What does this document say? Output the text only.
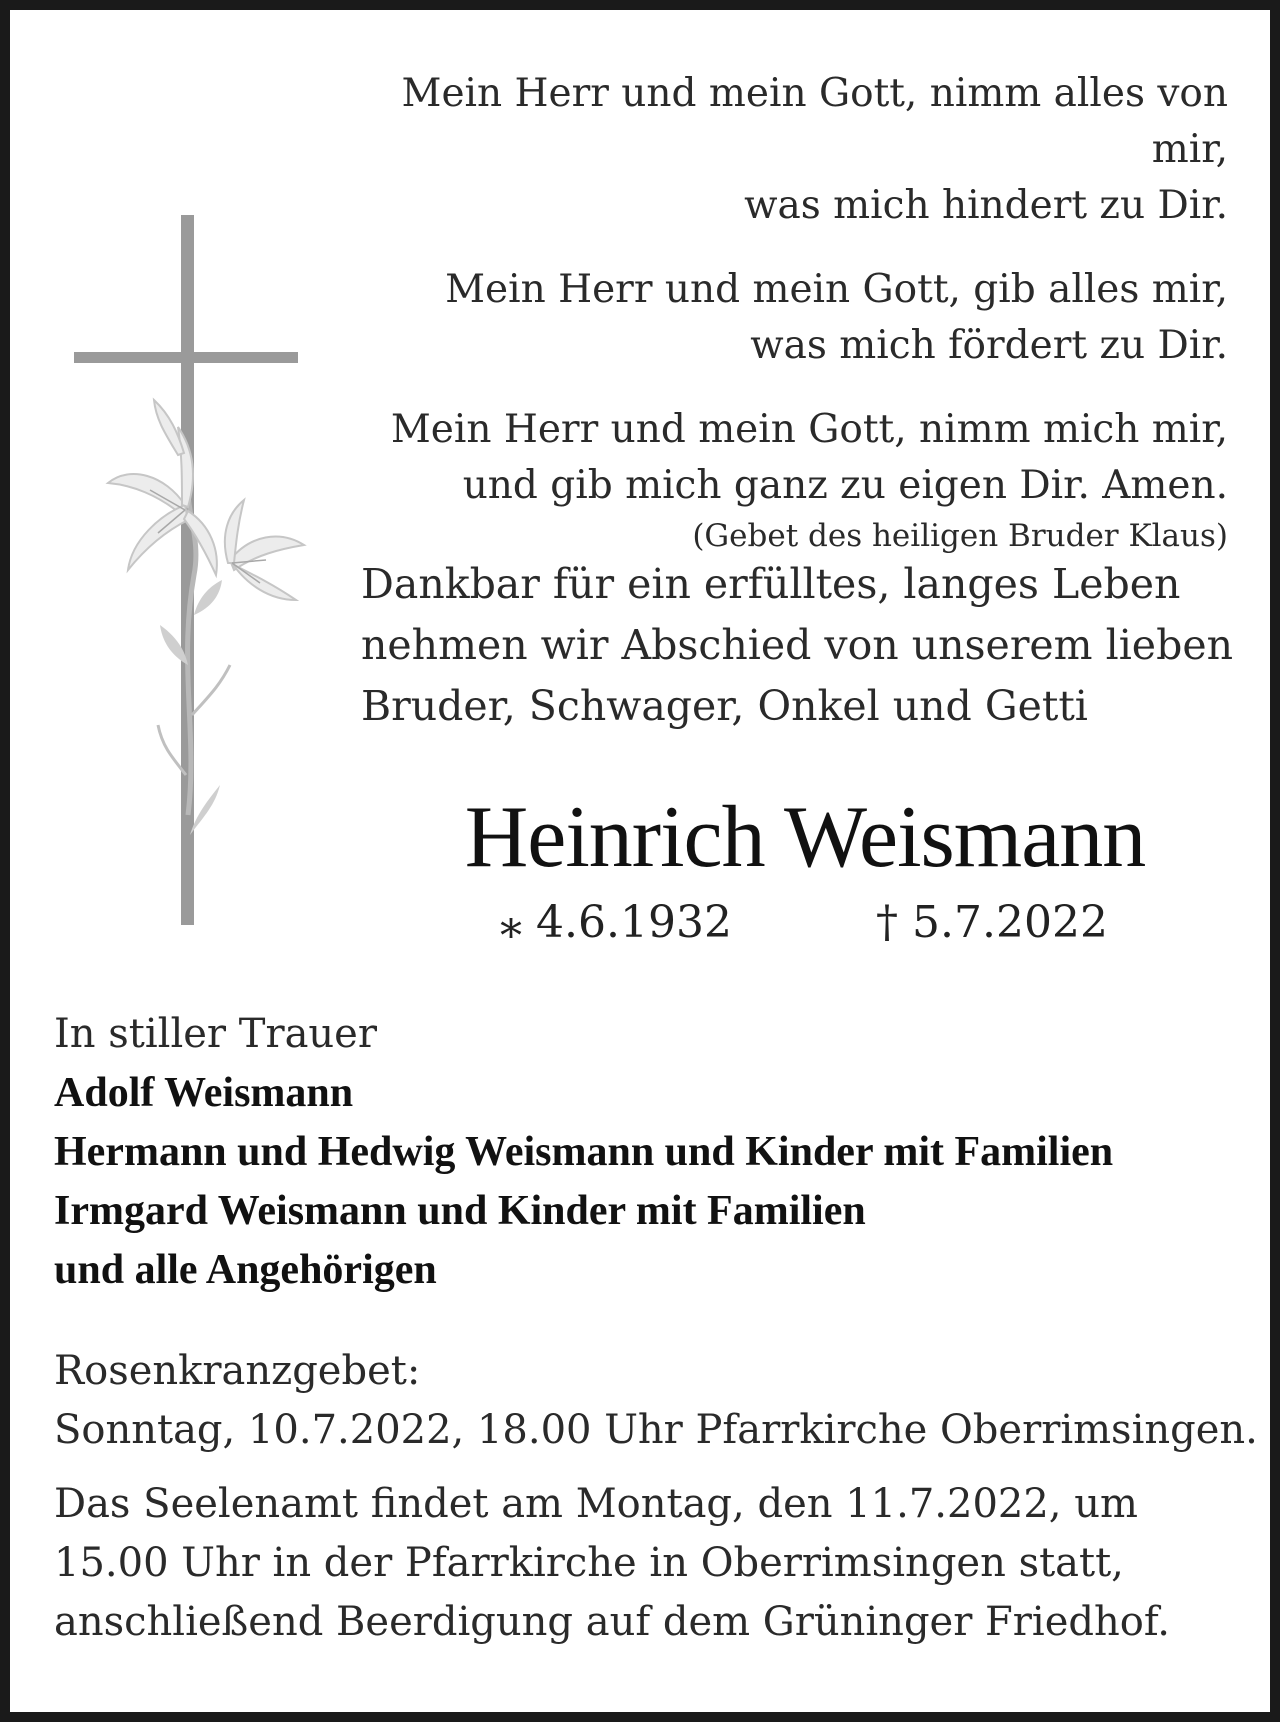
Mein Herr und mein Gott, nimm alles von mir,

was mich hindert zu Dir.

Mein Herr und mein Gott, gib alles mir,

was mich fördert zu Dir.

Mein Herr und mein Gott, nimm mich mir,

und gib mich ganz zu eigen Dir. Amen.

(Gebet des heiligen Bruder Klaus)

Dankbar für ein erfülltes, langes Leben

nehmen wir Abschied von unserem lieben

Bruder, Schwager, Onkel und Getti

Heinrich Weismann
⁎ 4.6.1932	† 5.7.2022

In stiller Trauer

Adolf Weismann

Hermann und Hedwig Weismann und Kinder mit Familien

Irmgard Weismann und Kinder mit Familien

und alle Angehörigen

Rosenkranzgebet:

Sonntag, 10.7.2022, 18.00 Uhr Pfarrkirche Oberrimsingen.

Das Seelenamt findet am Montag, den 11.7.2022, um

15.00 Uhr in der Pfarrkirche in Oberrimsingen statt,

anschließend Beerdigung auf dem Grüninger Friedhof.
